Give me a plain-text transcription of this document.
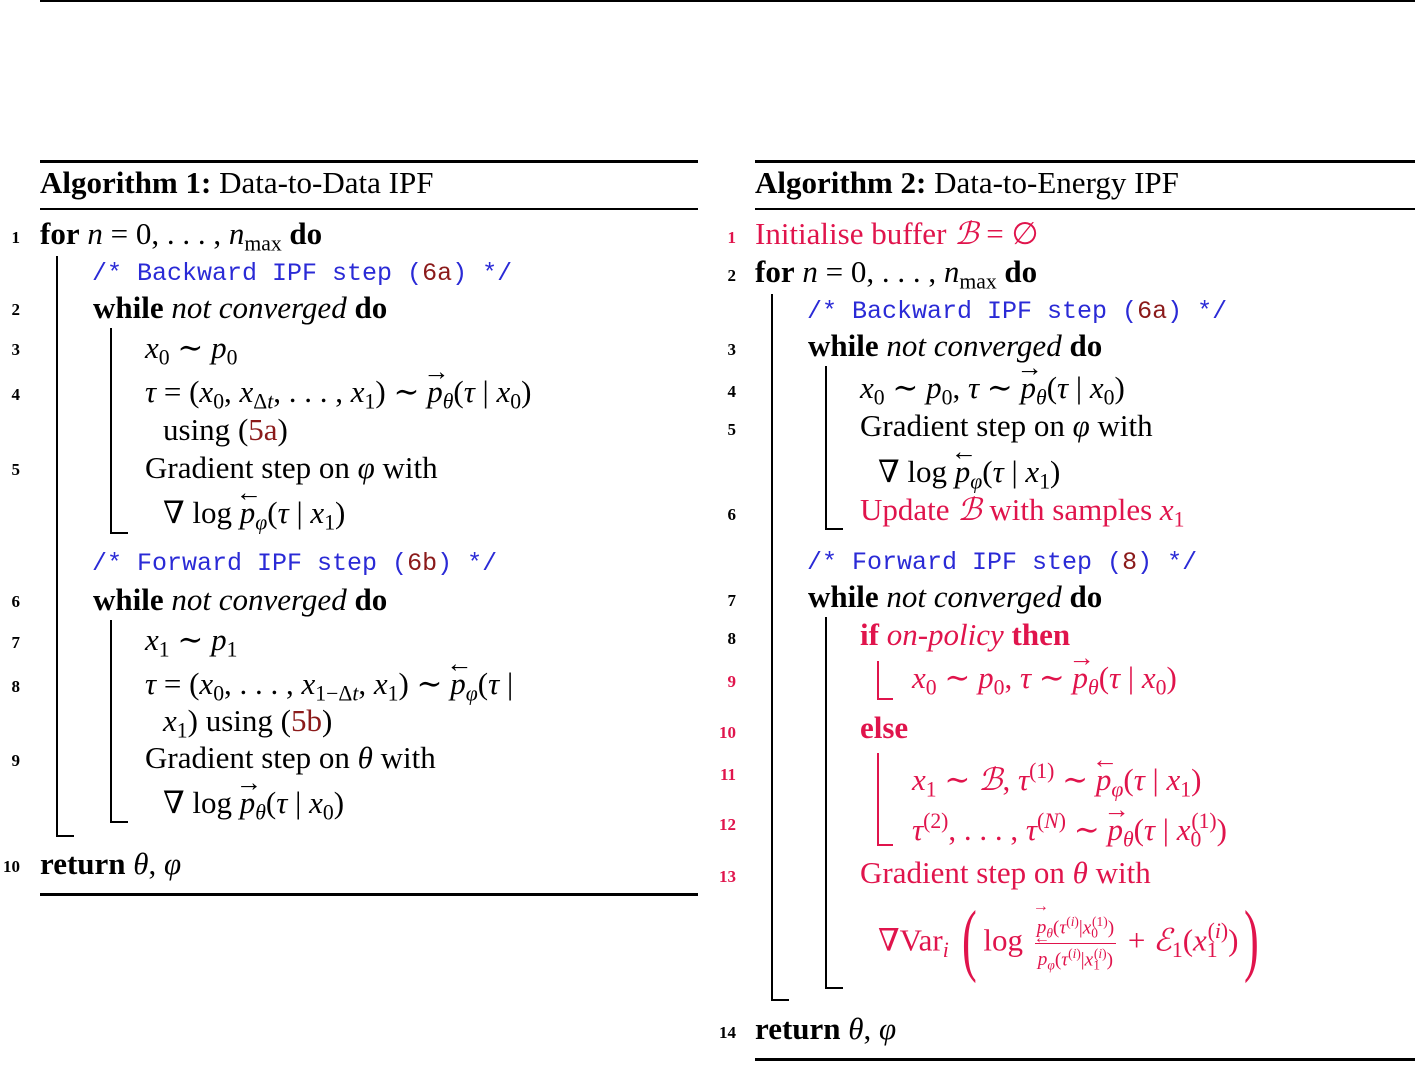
Algorithm 1: Data-to-Data IPF
1 for n = 0, . . . , $n_{max}$ do
/* Backward IPF step (6a) */
2 while not converged do
3	$x_0$ ∼ $p_0$
4	$\tau = (x_0$, $x_{\Delta t}$, . . . , $x_1$) ∼ → $p_\theta(\tau$ | $x_0$)
using (5a)
5	Gradient step on φ with
∇ log ← $p_\varphi(\tau$ | $x_1$)
/* Forward IPF step (6b) */
6 while not converged do
7	$x_1$ ∼ $p_1$
8	$\tau = (x_0$, . . . , $x_{1-\Delta t}$, $x_1$) ∼ ← $p_\varphi(\tau$ |
$x_1$) using (5b)
9	Gradient step on θ with
∇ $\log \to p_\theta(\tau$ | $x_0$)
10 return θ, φ
Algorithm 2: Data-to-Energy IPF
1 Initialise buffer ℬ = ∅
2 for n = 0, . . . , $n_{max}$ do
/* Backward IPF step (6a) */
3 while not converged do
4	$x_0$ ∼ $p_0$, τ ∼ → $p_\theta(\tau$ | $x_0$)
5	Gradient step on φ with
∇ log ← $p_\varphi(\tau$ | $x_1$)
6	Update ℬ with samples $x_1$
/* Forward IPF step (8) */
7 while not converged do
8	if on-policy then
9	$x_0$ ∼ $p_0$, τ ∼ → $p_\theta(\tau$ | $x_0$)
10	else
11	$x_1$ ∼ ℬ, $\tau^{(1)}$ ∼ ← $p_\varphi(\tau$ | $x_1$)
12	$\tau^{(2)}$, . . . , $\tau^{(N)}$ ∼ → $p_\theta(\tau$ | $x_0^{(1)}$)
13	Gradient step on θ with
∇Var$_i$ ( $\log \to p_\theta(\tau^{(i)}|x_0^{(1)})$
← $p_\varphi(\tau^{(i)}|x_1^{(i)})$ + $ℰ_1(x_1^{(i)})$)
14 return θ, φ
